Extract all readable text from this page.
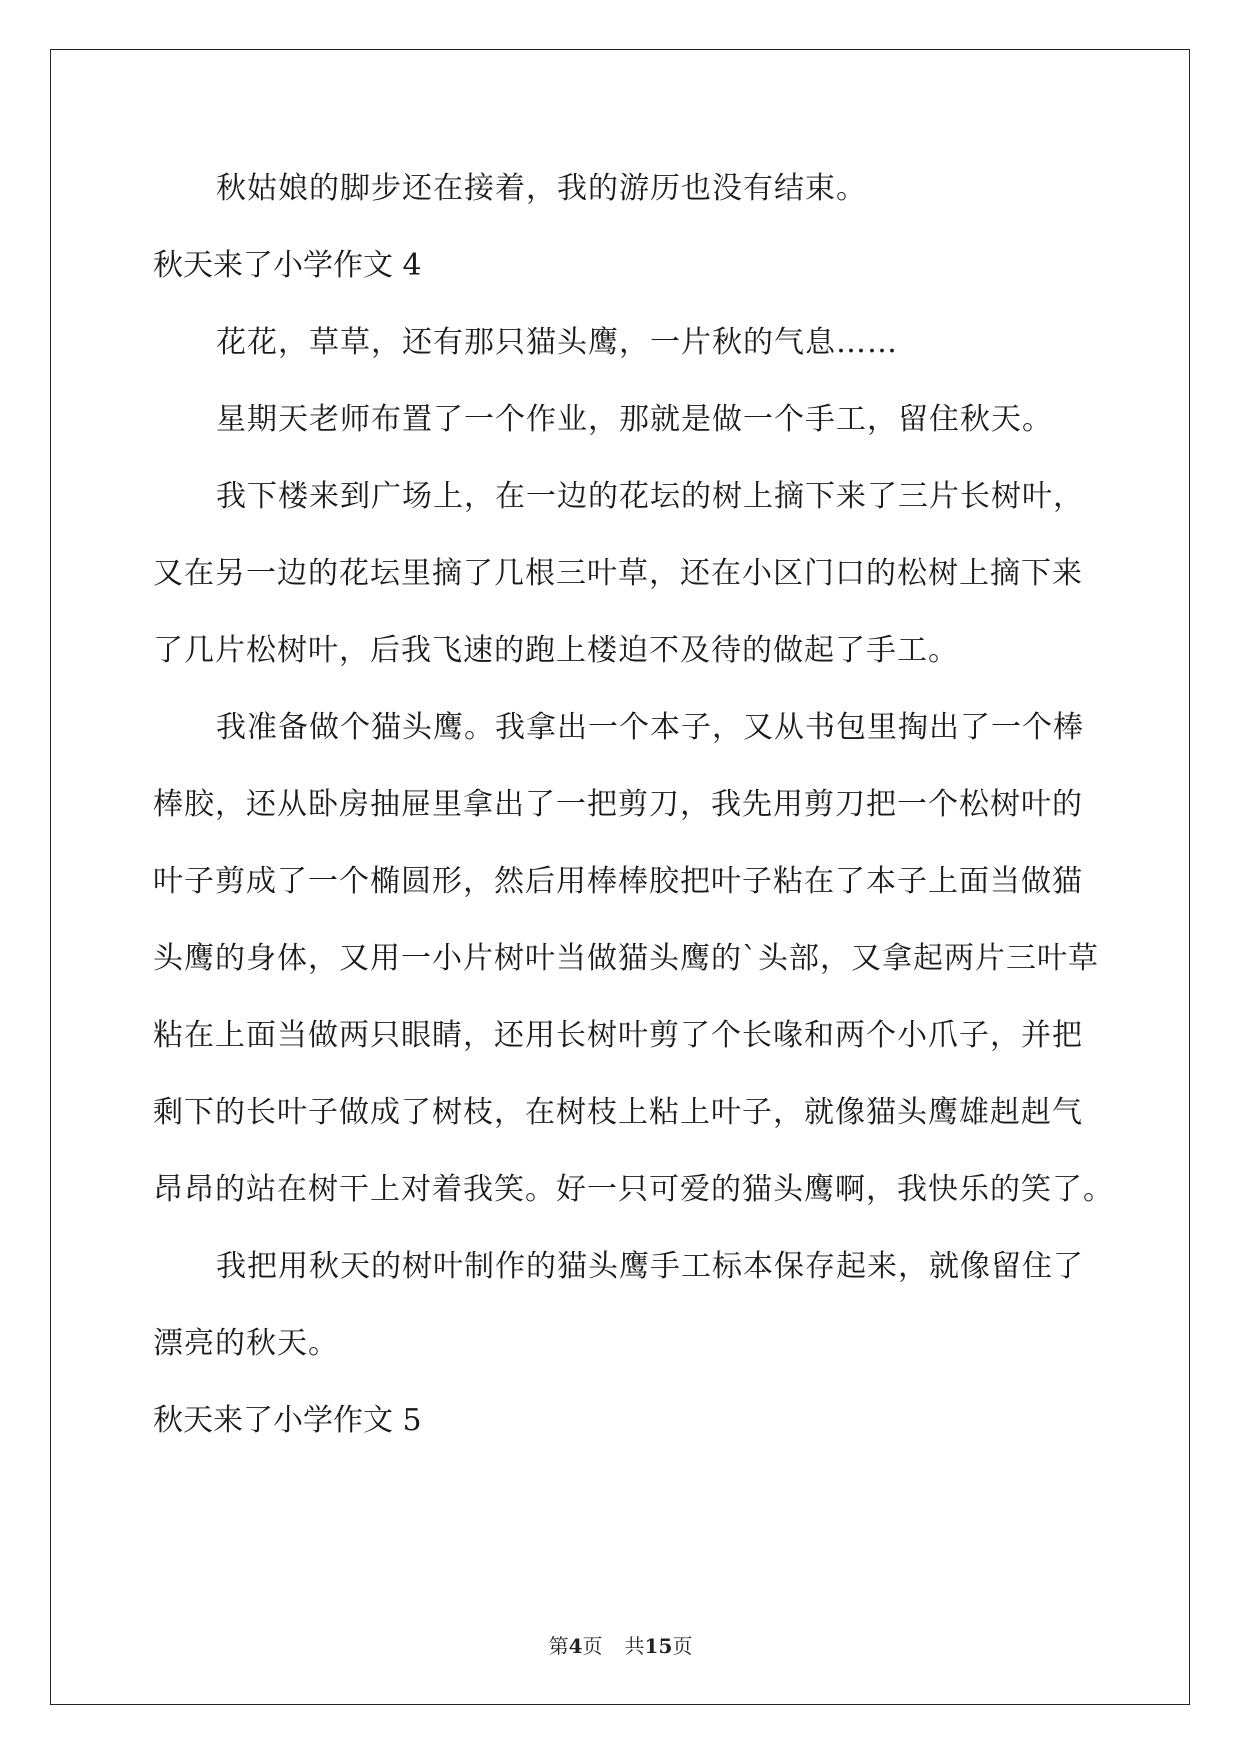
秋姑娘的脚步还在接着，我的游历也没有结束。
秋天来了小学作文 4
花花，草草，还有那只猫头鹰，一片秋的气息……
星期天老师布置了一个作业，那就是做一个手工，留住秋天。
我下楼来到广场上，在一边的花坛的树上摘下来了三片长树叶，
又在另一边的花坛里摘了几根三叶草，还在小区门口的松树上摘下来
了几片松树叶，后我飞速的跑上楼迫不及待的做起了手工。
我准备做个猫头鹰。我拿出一个本子，又从书包里掏出了一个棒
棒胶，还从卧房抽屉里拿出了一把剪刀，我先用剪刀把一个松树叶的
叶子剪成了一个椭圆形，然后用棒棒胶把叶子粘在了本子上面当做猫
头鹰的身体，又用一小片树叶当做猫头鹰的`头部，又拿起两片三叶草
粘在上面当做两只眼睛，还用长树叶剪了个长喙和两个小爪子，并把
剩下的长叶子做成了树枝，在树枝上粘上叶子，就像猫头鹰雄赳赳气
昂昂的站在树干上对着我笑。好一只可爱的猫头鹰啊，我快乐的笑了。
我把用秋天的树叶制作的猫头鹰手工标本保存起来，就像留住了
漂亮的秋天。
秋天来了小学作文 5
第4页 共15页
